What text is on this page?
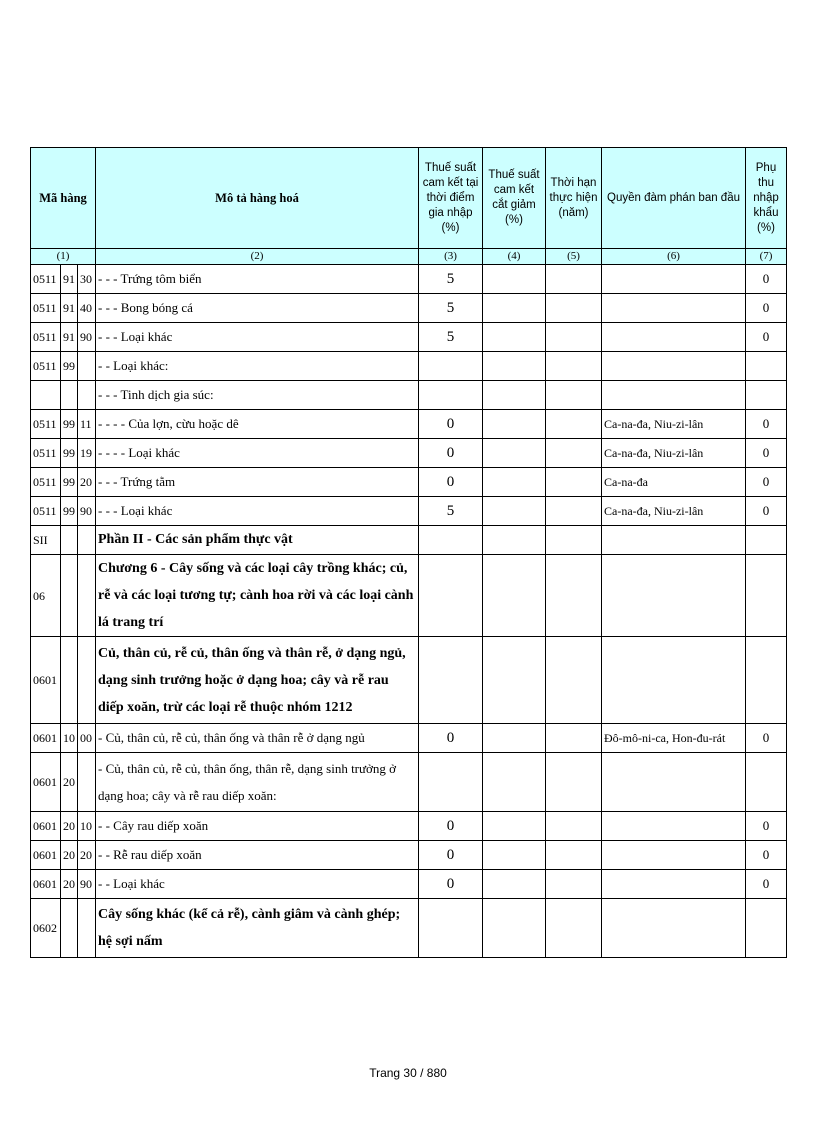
Mã hàng			Mô tả hàng hoá	Thuế suất cam kết tại thời điểm gia nhập (%)	Thuế suất cam kết cắt giảm (%)	Thời hạn thực hiện (năm)	Quyền đàm phán ban đầu	Phụ thu nhập khẩu (%)
(1)			(2)	(3)	(4)	(5)	(6)	(7)
0511	91	30	- - - Trứng tôm biển	5				0
0511	91	40	- - - Bong bóng cá	5				0
0511	91	90	- - - Loại khác	5				0
0511	99		- - Loại khác:					
			- - - Tinh dịch gia súc:					
0511	99	11	- - - - Của lợn, cừu hoặc dê	0			Ca-na-đa, Niu-zi-lân	0
0511	99	19	- - - - Loại khác	0			Ca-na-đa, Niu-zi-lân	0
0511	99	20	- - - Trứng tằm	0			Ca-na-đa	0
0511	99	90	- - - Loại khác	5			Ca-na-đa, Niu-zi-lân	0
SII			Phần II - Các sản phẩm thực vật					
06			Chương 6 - Cây sống và các loại cây trồng khác; củ, rễ và các loại tương tự; cành hoa rời và các loại cành lá trang trí					
0601			Củ, thân củ, rễ củ, thân ống và thân rễ, ở dạng ngủ, dạng sinh trưởng hoặc ở dạng hoa; cây và rễ rau diếp xoăn, trừ các loại rễ thuộc nhóm 1212					
0601	10	00	- Củ, thân củ, rễ củ, thân ống và thân rễ ở dạng ngủ	0			Đô-mô-ni-ca, Hon-đu-rát	0
0601	20		- Củ, thân củ, rễ củ, thân ống, thân rễ, dạng sinh trưởng ở dạng hoa; cây và rễ rau diếp xoăn:					
0601	20	10	- - Cây rau diếp xoăn	0				0
0601	20	20	- - Rễ rau diếp xoăn	0				0
0601	20	90	- - Loại khác	0				0
0602			Cây sống khác (kể cả rễ), cành giâm và cành ghép; hệ sợi nấm					
Trang 30 / 880
